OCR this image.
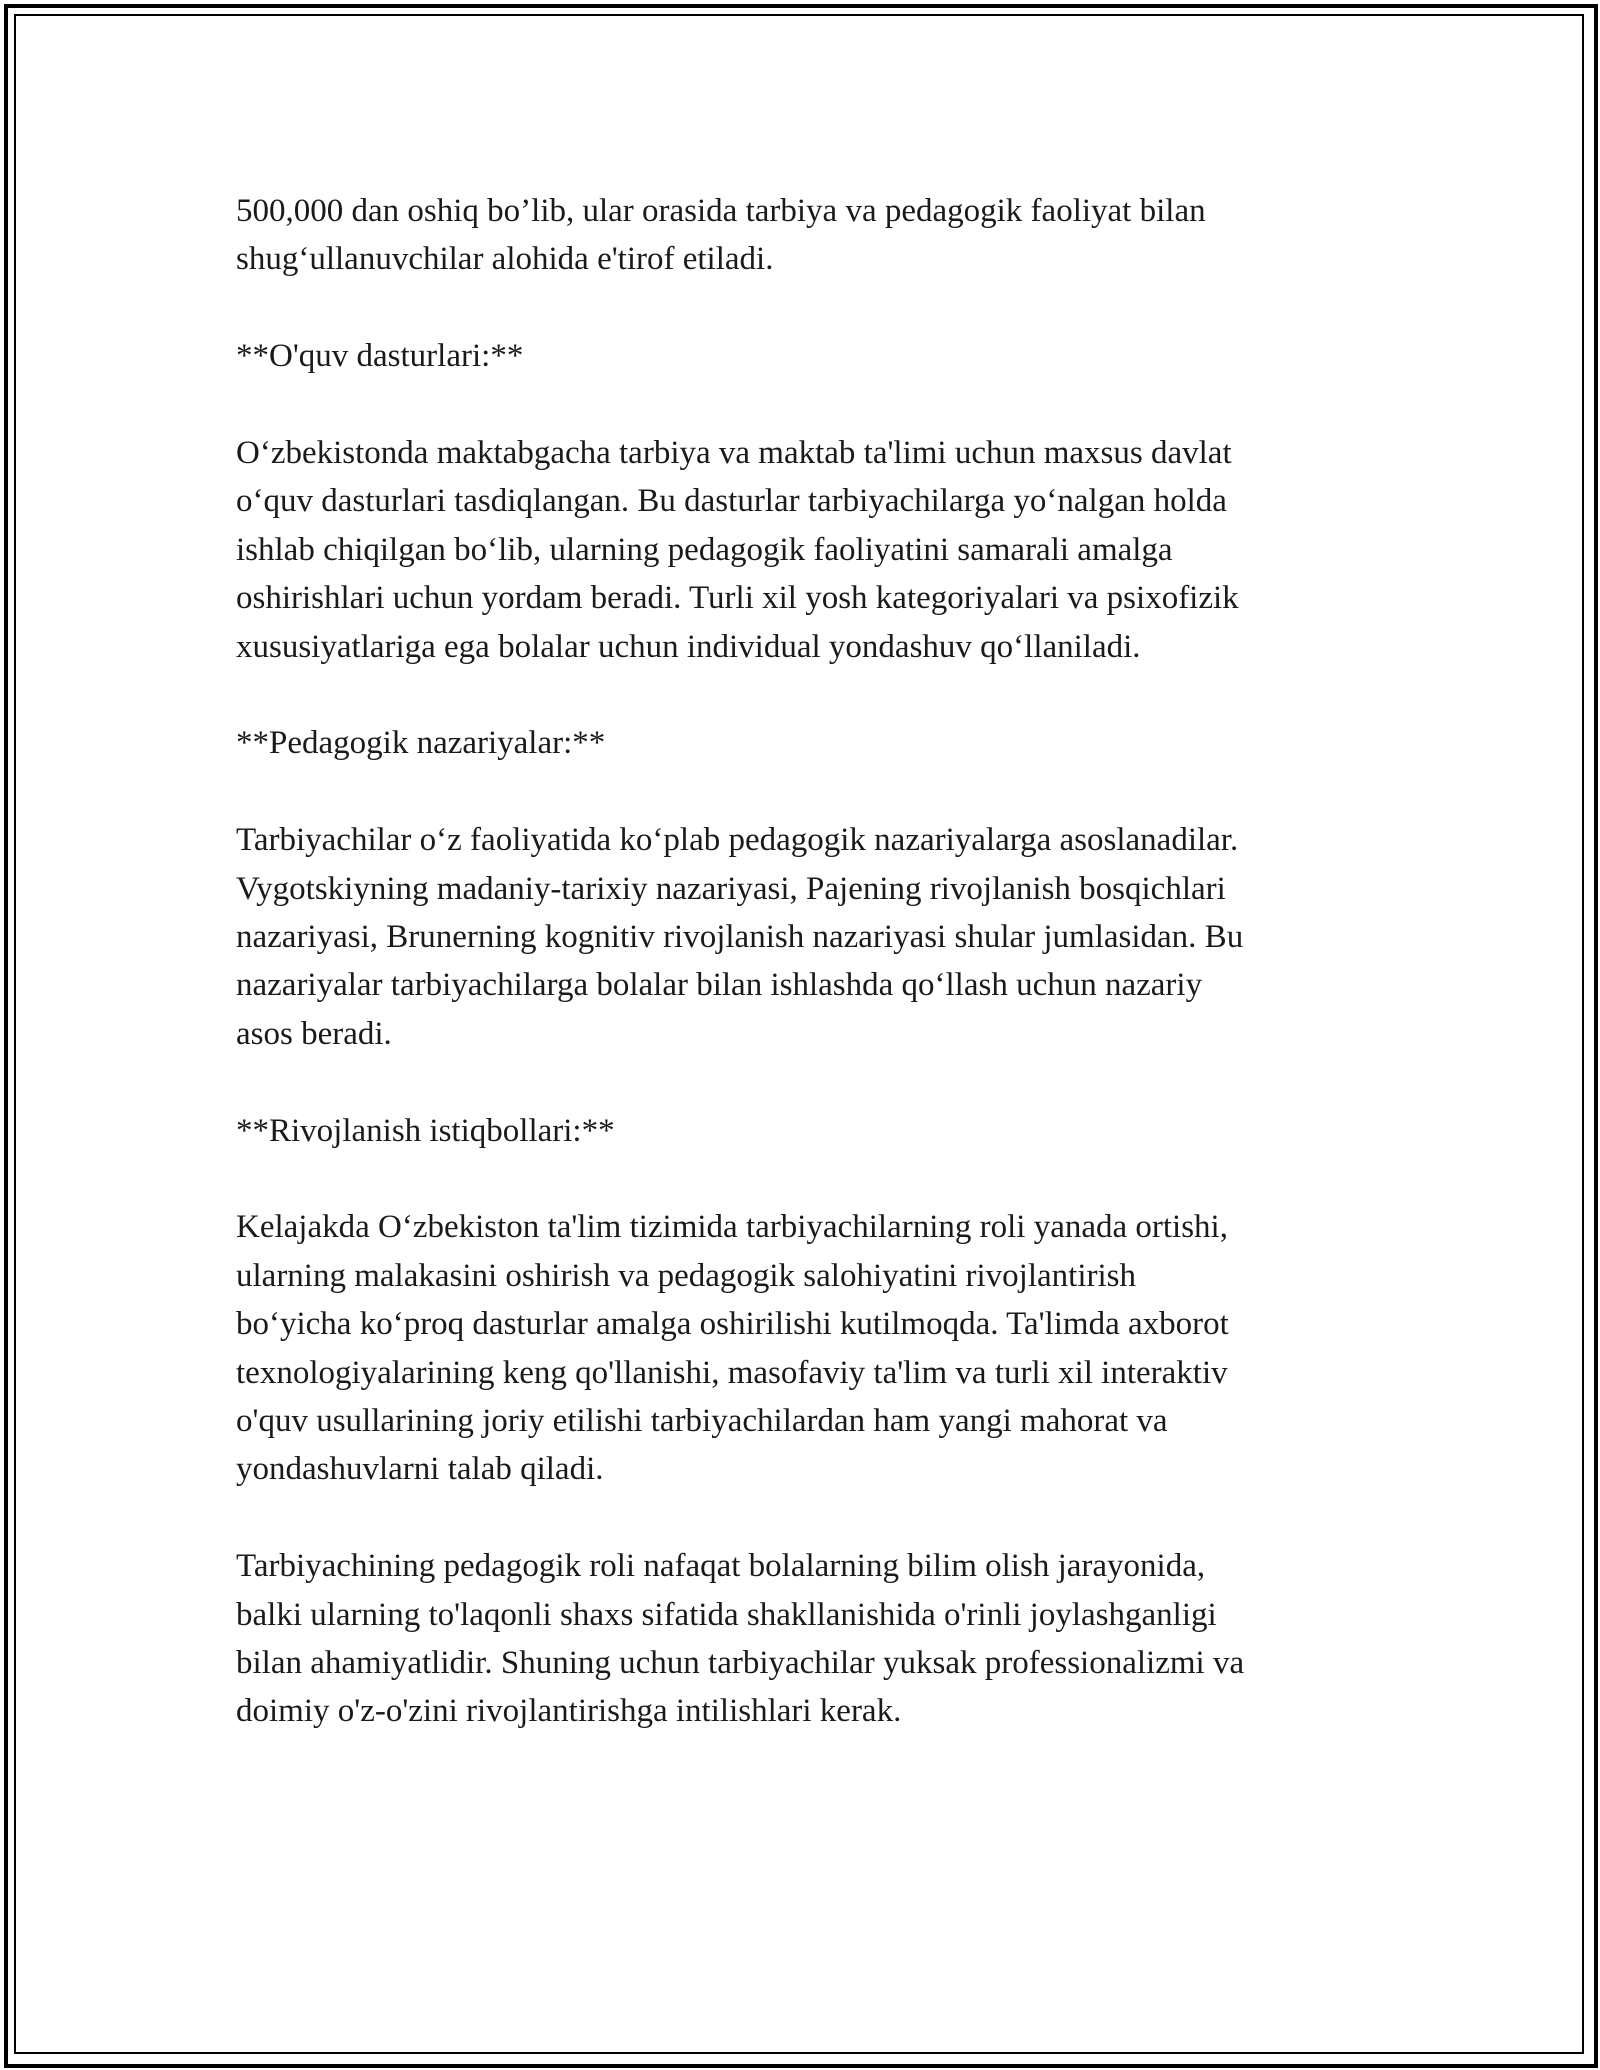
500,000 dan oshiq bo’lib, ular orasida tarbiya va pedagogik faoliyat bilan
shug‘ullanuvchilar alohida e'tirof etiladi.

**O'quv dasturlari:**

O‘zbekistonda maktabgacha tarbiya va maktab ta'limi uchun maxsus davlat
o‘quv dasturlari tasdiqlangan. Bu dasturlar tarbiyachilarga yo‘nalgan holda
ishlab chiqilgan bo‘lib, ularning pedagogik faoliyatini samarali amalga
oshirishlari uchun yordam beradi. Turli xil yosh kategoriyalari va psixofizik
xususiyatlariga ega bolalar uchun individual yondashuv qo‘llaniladi.

**Pedagogik nazariyalar:**

Tarbiyachilar o‘z faoliyatida ko‘plab pedagogik nazariyalarga asoslanadilar.
Vygotskiyning madaniy-tarixiy nazariyasi, Pajening rivojlanish bosqichlari
nazariyasi, Brunerning kognitiv rivojlanish nazariyasi shular jumlasidan. Bu
nazariyalar tarbiyachilarga bolalar bilan ishlashda qo‘llash uchun nazariy
asos beradi.

**Rivojlanish istiqbollari:**

Kelajakda O‘zbekiston ta'lim tizimida tarbiyachilarning roli yanada ortishi,
ularning malakasini oshirish va pedagogik salohiyatini rivojlantirish
bo‘yicha ko‘proq dasturlar amalga oshirilishi kutilmoqda. Ta'limda axborot
texnologiyalarining keng qo'llanishi, masofaviy ta'lim va turli xil interaktiv
o'quv usullarining joriy etilishi tarbiyachilardan ham yangi mahorat va
yondashuvlarni talab qiladi.

Tarbiyachining pedagogik roli nafaqat bolalarning bilim olish jarayonida,
balki ularning to'laqonli shaxs sifatida shakllanishida o'rinli joylashganligi
bilan ahamiyatlidir. Shuning uchun tarbiyachilar yuksak professionalizmi va
doimiy o'z-o'zini rivojlantirishga intilishlari kerak.
